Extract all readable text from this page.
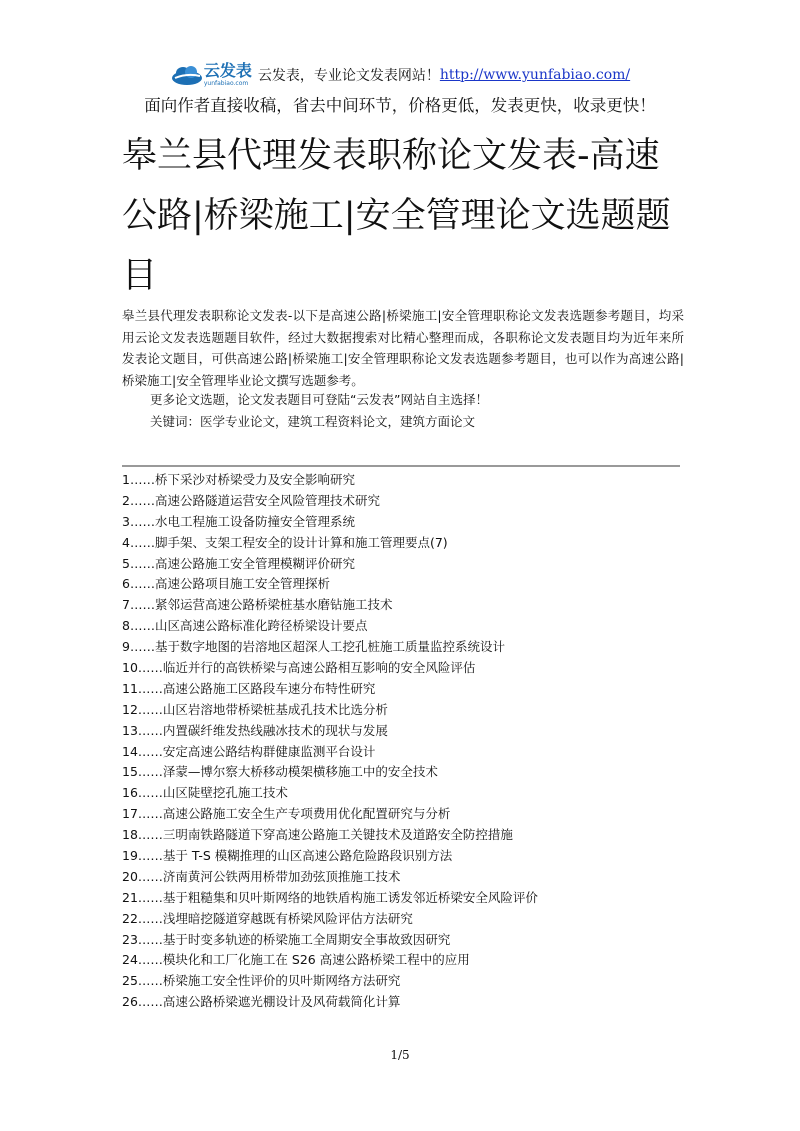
云发表
yunfabiao.com 云发表，专业论文发表网站！ http://www.yunfabiao.com/
面向作者直接收稿，省去中间环节，价格更低，发表更快，收录更快！
皋兰县代理发表职称论文发表-高速公路|桥梁施工|安全管理论文选题题目

皋兰县代理发表职称论文发表-以下是高速公路|桥梁施工|安全管理职称论文发表选题参考题目，均采用云论文发表选题题目软件，经过大数据搜索对比精心整理而成，各职称论文发表题目均为近年来所发表论文题目，可供高速公路|桥梁施工|安全管理职称论文发表选题参考题目，也可以作为高速公路|桥梁施工|安全管理毕业论文撰写选题参考。

更多论文选题，论文发表题目可登陆“云发表”网站自主选择！

关键词：医学专业论文，建筑工程资料论文，建筑方面论文

1……桥下采沙对桥梁受力及安全影响研究
2……高速公路隧道运营安全风险管理技术研究
3……水电工程施工设备防撞安全管理系统
4……脚手架、支架工程安全的设计计算和施工管理要点(7)
5……高速公路施工安全管理模糊评价研究
6……高速公路项目施工安全管理探析
7……紧邻运营高速公路桥梁桩基水磨钻施工技术
8……山区高速公路标准化跨径桥梁设计要点
9……基于数字地图的岩溶地区超深人工挖孔桩施工质量监控系统设计
10……临近并行的高铁桥梁与高速公路相互影响的安全风险评估
11……高速公路施工区路段车速分布特性研究
12……山区岩溶地带桥梁桩基成孔技术比选分析
13……内置碳纤维发热线融冰技术的现状与发展
14……安定高速公路结构群健康监测平台设计
15……泽蒙—博尔察大桥移动模架横移施工中的安全技术
16……山区陡壁挖孔施工技术
17……高速公路施工安全生产专项费用优化配置研究与分析
18……三明南铁路隧道下穿高速公路施工关键技术及道路安全防控措施
19……基于 T-S 模糊推理的山区高速公路危险路段识别方法
20……济南黄河公铁两用桥带加劲弦顶推施工技术
21……基于粗糙集和贝叶斯网络的地铁盾构施工诱发邻近桥梁安全风险评价
22……浅埋暗挖隧道穿越既有桥梁风险评估方法研究
23……基于时变多轨迹的桥梁施工全周期安全事故致因研究
24……模块化和工厂化施工在 S26 高速公路桥梁工程中的应用
25……桥梁施工安全性评价的贝叶斯网络方法研究
26……高速公路桥梁遮光棚设计及风荷载简化计算
1/5
